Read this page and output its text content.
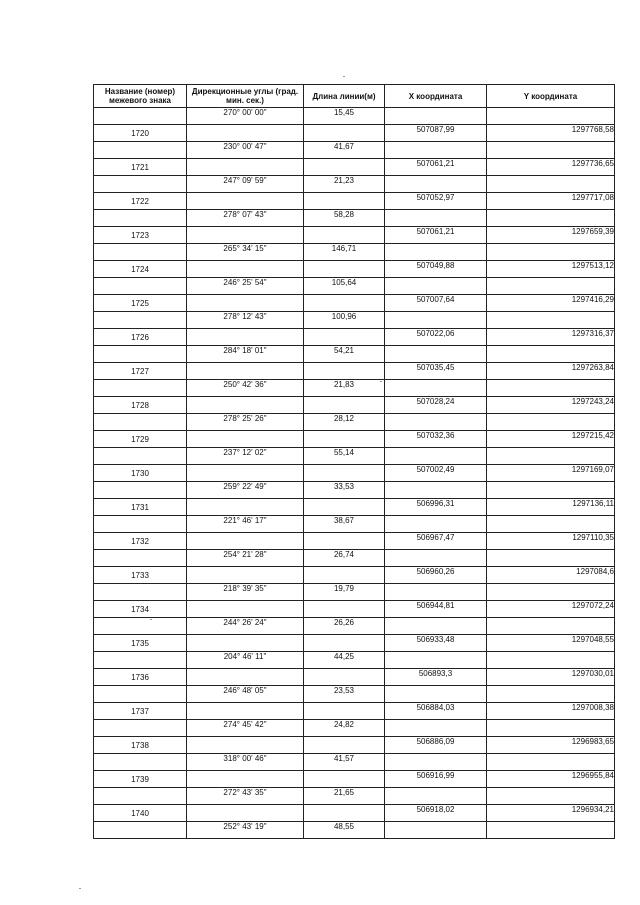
Название (номер) межевого знака	Дирекционные углы (град. мин. сек.)	Длина линии(м)	X координата	Y координата
	270° 00' 00"	15,45		
1720			507087,99	1297768,58
	230° 00' 47"	41,67		
1721			507061,21	1297736,65
	247° 09' 59"	21,23		
1722			507052,97	1297717,08
	278° 07' 43"	58,28		
1723			507061,21	1297659,39
	265° 34' 15"	146,71		
1724			507049,88	1297513,12
	246° 25' 54"	105,64		
1725			507007,64	1297416,29
	278° 12' 43"	100,96		
1726			507022,06	1297316,37
	284° 18' 01"	54,21		
1727			507035,45	1297263,84
	250° 42' 36"	21,83		
1728			507028,24	1297243,24
	278° 25' 26"	28,12		
1729			507032,36	1297215,42
	237° 12' 02"	55,14		
1730			507002,49	1297169,07
	259° 22' 49"	33,53		
1731			506996,31	1297136,11
	221° 46' 17"	38,67		
1732			506967,47	1297110,35
	254° 21' 28"	26,74		
1733			506960,26	1297084,6
	218° 39' 35"	19,79		
1734			506944,81	1297072,24
	244° 26' 24"	26,26		
1735			506933,48	1297048,55
	204° 46' 11"	44,25		
1736			506893,3	1297030,01
	246° 48' 05"	23,53		
1737			506884,03	1297008,38
	274° 45' 42"	24,82		
1738			506886,09	1296983,65
	318° 00' 46"	41,57		
1739			506916,99	1296955,84
	272° 43' 35"	21,65		
1740			506918,02	1296934,21
	252° 43' 19"	48,55		
